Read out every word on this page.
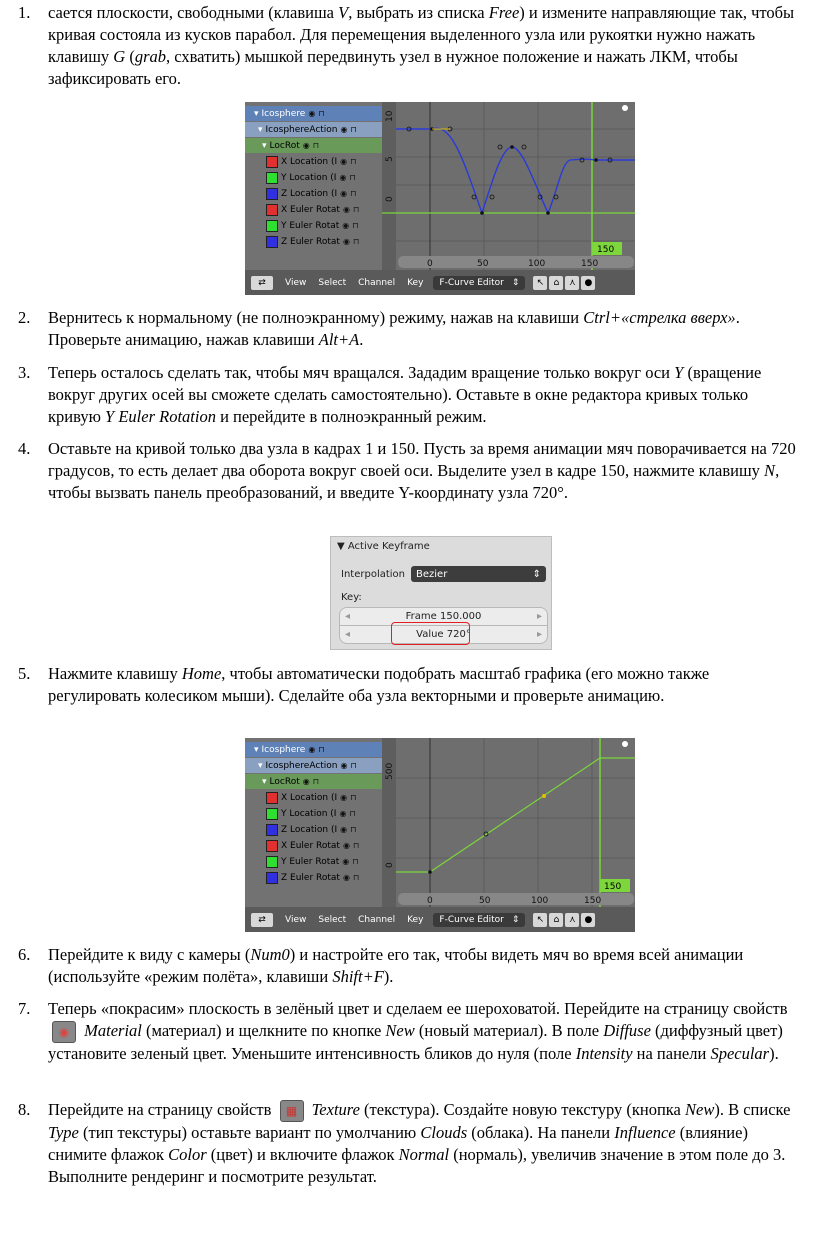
1.	сается плоскости, свободными (клавиша V, выбрать из списка Free) и измените направляющие так, чтобы кривая состояла из кусков парабол. Для перемещения выделенного узла или рукоятки нужно нажать клавишу G (grab, схватить) мышкой передвинуть узел в нужное положение и нажать ЛКМ, чтобы зафиксировать его.
▾ Icosphere ◉ ⊓
▾ IcosphereAction ◉ ⊓
▾ LocRot ◉ ⊓
X Location (I ◉ ⊓
Y Location (I ◉ ⊓
Z Location (I ◉ ⊓
X Euler Rotat ◉ ⊓
Y Euler Rotat ◉ ⊓
Z Euler Rotat ◉ ⊓
10
5
0
0	50	100	150
150
⇄	View Select Channel Key F-Curve Editor ⇕	↖	⌂	⋏ ●
2.	Вернитесь к нормальному (не полноэкранному) режиму, нажав на клавиши Ctrl+«стрелка вверх». Проверьте анимацию, нажав клавиши Alt+A.
3.	Теперь осталось сделать так, чтобы мяч вращался. Зададим вращение только вокруг оси Y (вращение вокруг других осей вы сможете сделать самостоятельно). Оставьте в окне редактора кривых только кривую Y Euler Rotation и перейдите в полноэкранный режим.
4.	Оставьте на кривой только два узла в кадрах 1 и 150. Пусть за время анимации мяч поворачивается на 720 градусов, то есть делает два оборота вокруг своей оси. Выделите узел в кадре 150, нажмите клавишу N, чтобы вызвать панель преобразований, и введите Y-координату узла 720°.
▼ Active Keyframe
Interpolation Bezier	⇕
Key:
◂	Frame 150.000	▸
◂	Value 720°	▸
5.	Нажмите клавишу Home, чтобы автоматически подобрать масштаб графика (его можно также регулировать колесиком мыши). Сделайте оба узла векторными и проверьте анимацию.
▾ Icosphere ◉ ⊓
▾ IcosphereAction ◉ ⊓
▾ LocRot ◉ ⊓
X Location (I ◉ ⊓
Y Location (I ◉ ⊓
Z Location (I ◉ ⊓
X Euler Rotat ◉ ⊓
Y Euler Rotat ◉ ⊓
Z Euler Rotat ◉ ⊓
500
0
0	50	100	150
150
⇄	View Select Channel Key F-Curve Editor ⇕	↖	⌂	⋏ ●
6.	Перейдите к виду с камеры (Num0) и настройте его так, чтобы видеть мяч во время всей анимации (используйте «режим полёта», клавиши Shift+F).
7.	Теперь «покрасим» плоскость в зелёный цвет и сделаем ее шероховатой. Перейдите на страницу свойств ◉ Material (материал) и щелкните по кнопке New (новый материал). В поле Diffuse (диффузный цвет) установите зеленый цвет. Уменьшите интенсивность бликов до нуля (поле Intensity на панели Specular).
8.	Перейдите на страницу свойств ▦ Texture (текстура). Создайте новую текстуру (кнопка New). В списке Type (тип текстуры) оставьте вариант по умолчанию Clouds (облака). На панели Influence (влияние) снимите флажок Color (цвет) и включите флажок Normal (нормаль), увеличив значение в этом поле до 3. Выполните рендеринг и посмотрите результат.
